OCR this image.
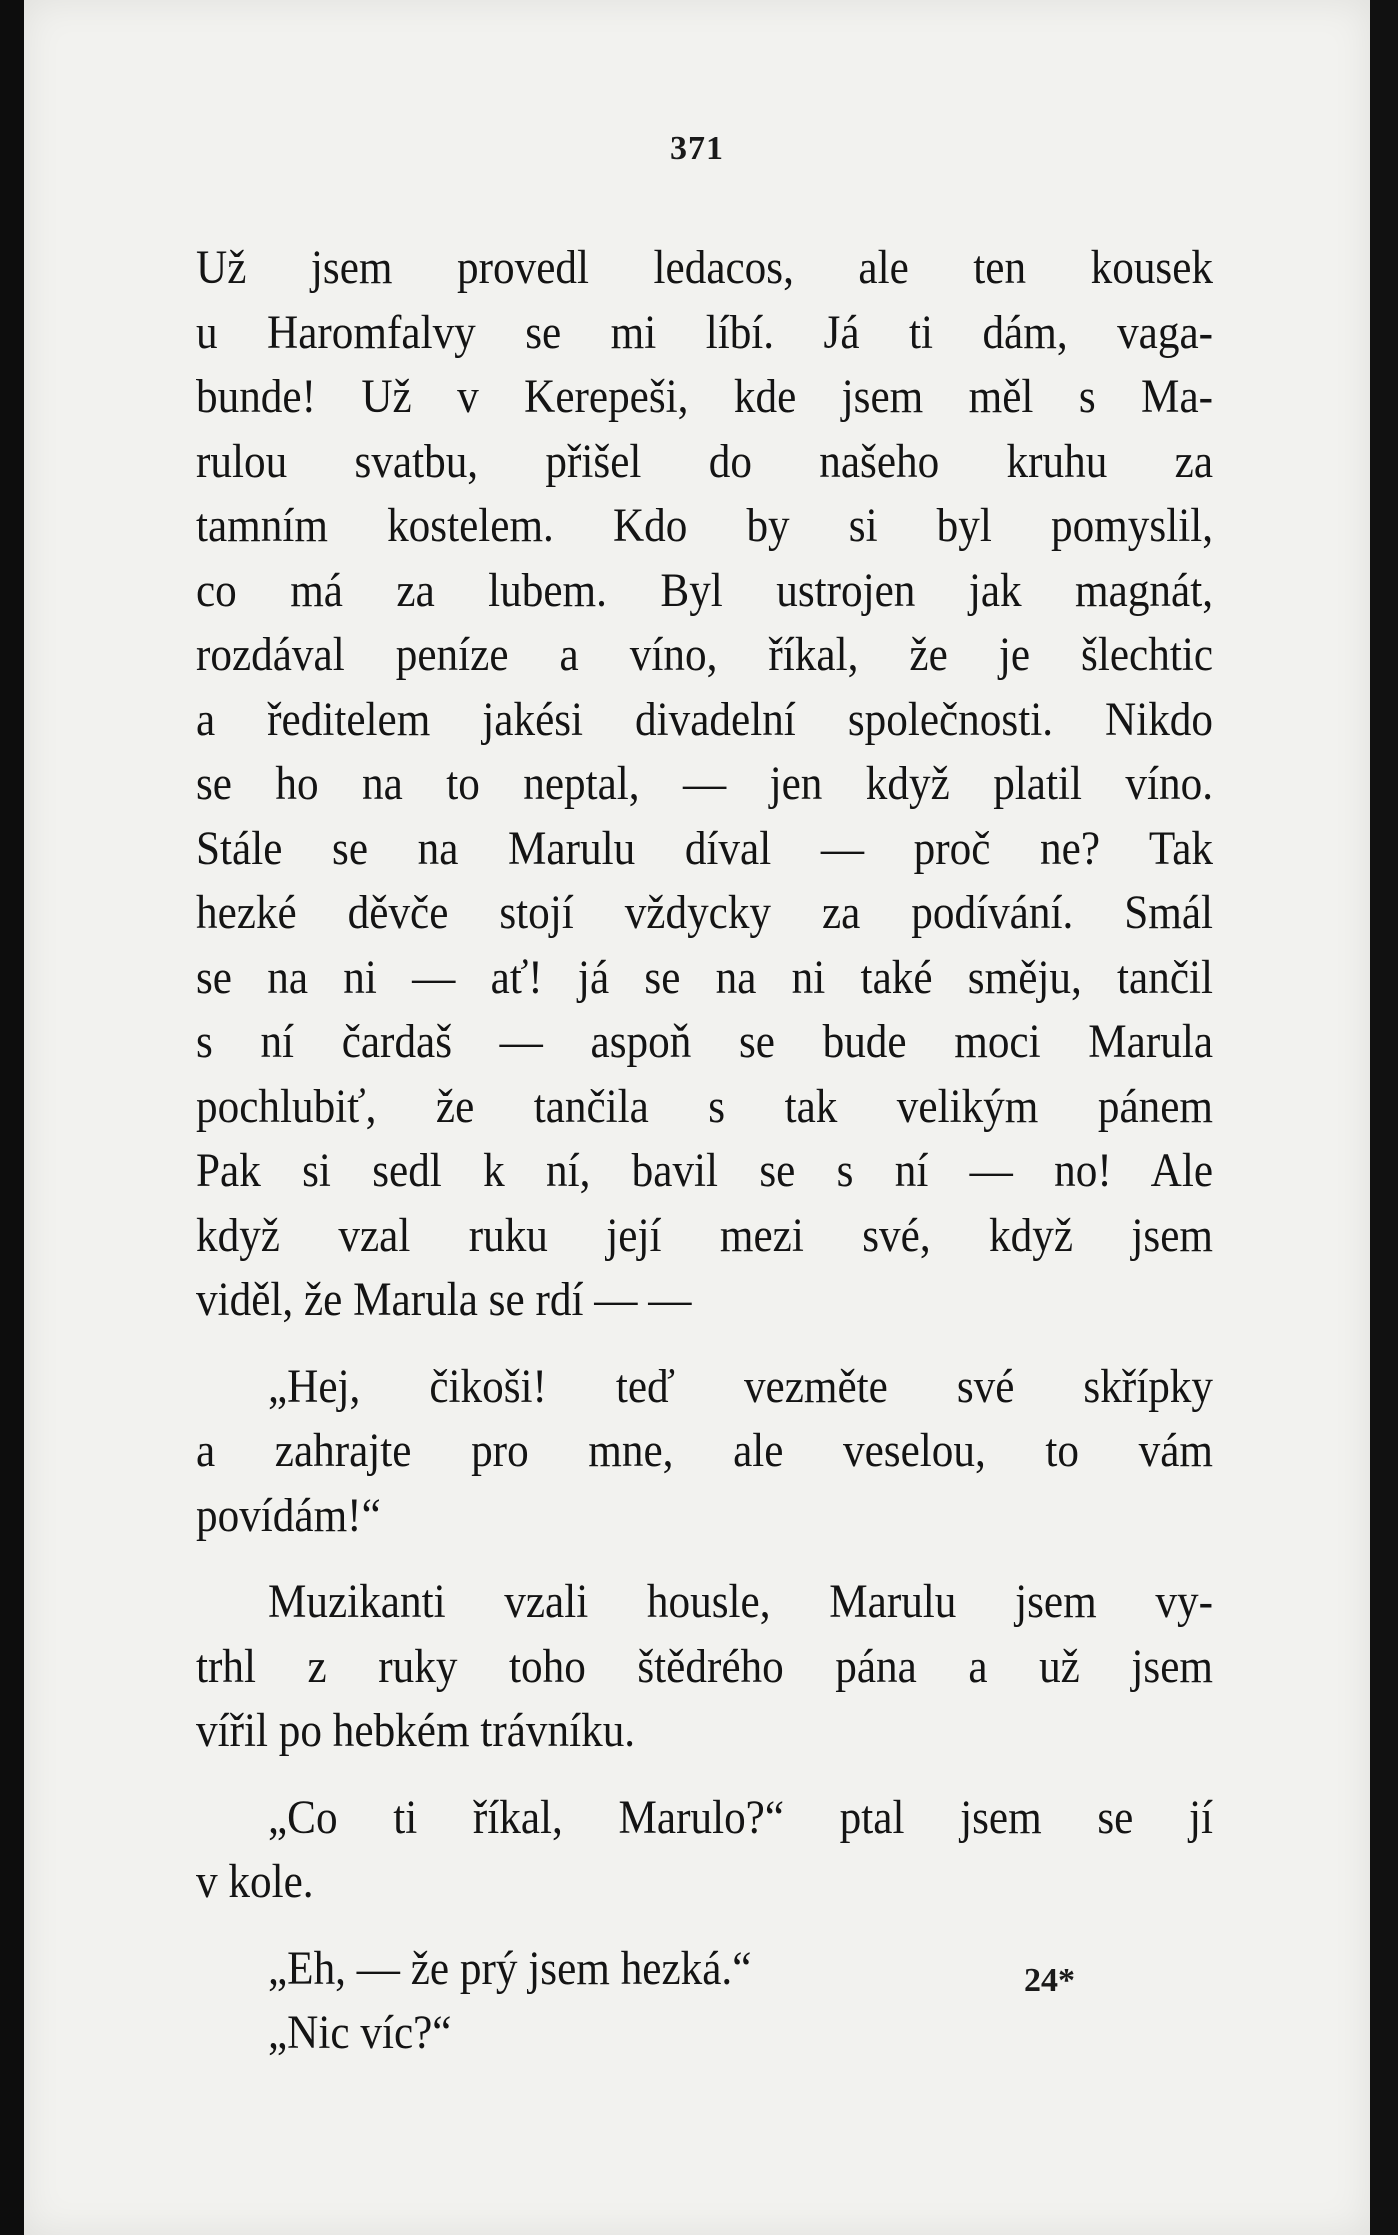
371
Už jsem provedl ledacos, ale ten kousek
u Haromfalvy se mi líbí. Já ti dám, vaga-
bunde! Už v Kerepeši, kde jsem měl s Ma-
rulou svatbu, přišel do našeho kruhu za
tamním kostelem. Kdo by si byl pomyslil,
co má za lubem. Byl ustrojen jak magnát,
rozdával peníze a víno, říkal, že je šlechtic
a ředitelem jakési divadelní společnosti. Nikdo
se ho na to neptal, — jen když platil víno.
Stále se na Marulu díval — proč ne? Tak
hezké děvče stojí vždycky za podívání. Smál
se na ni — ať! já se na ni také směju, tančil
s ní čardaš — aspoň se bude moci Marula
pochlubiť, že tančila s tak velikým pánem
Pak si sedl k ní, bavil se s ní — no! Ale
když vzal ruku její mezi své, když jsem
viděl, že Marula se rdí — —
„Hej, čikoši! teď vezměte své skřípky
a zahrajte pro mne, ale veselou, to vám
povídám!“
Muzikanti vzali housle, Marulu jsem vy-
trhl z ruky toho štědrého pána a už jsem
vířil po hebkém trávníku.
„Co ti říkal, Marulo?“ ptal jsem se jí
v kole.
„Eh, — že prý jsem hezká.“
„Nic víc?“
24*
